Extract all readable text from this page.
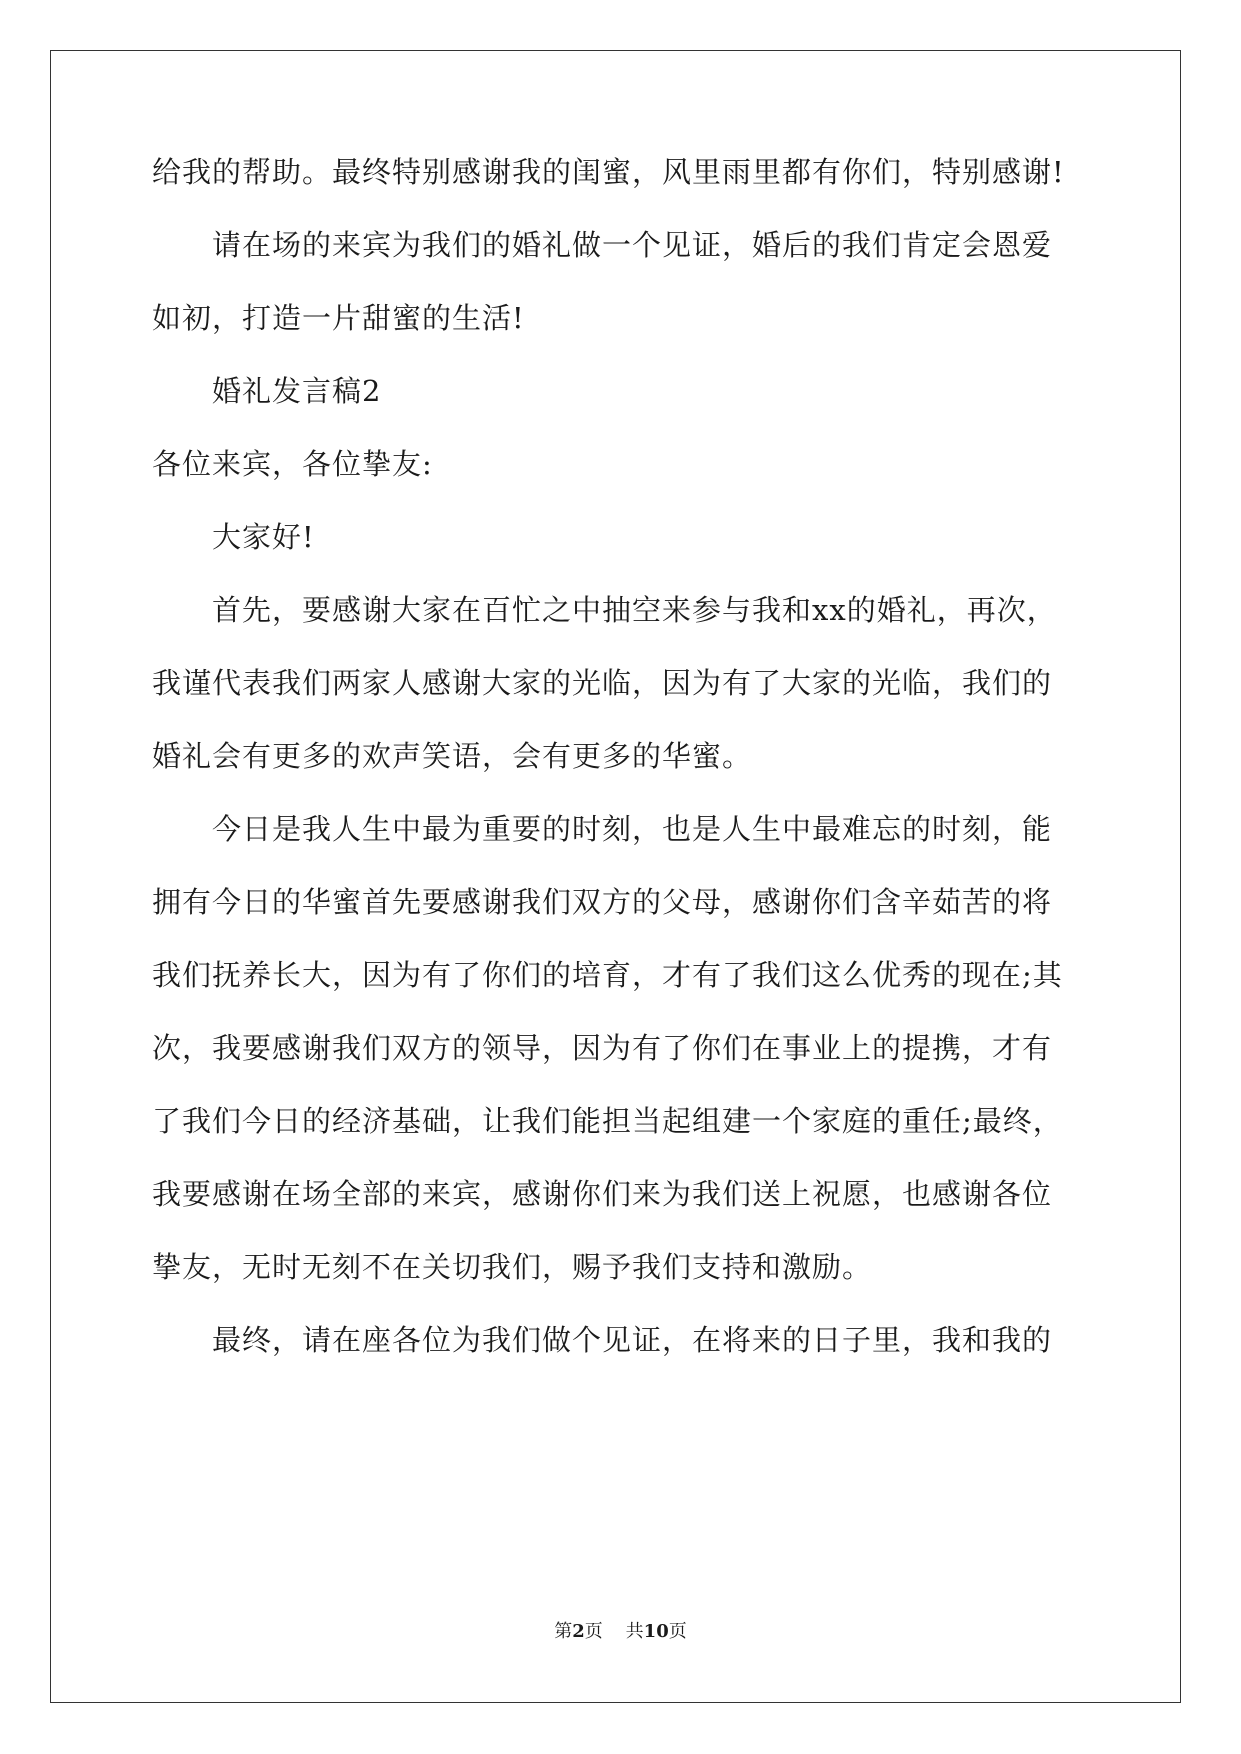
给我的帮助。最终特别感谢我的闺蜜，风里雨里都有你们，特别感谢!
请在场的来宾为我们的婚礼做一个见证，婚后的我们肯定会恩爱
如初，打造一片甜蜜的生活!
婚礼发言稿2
各位来宾，各位挚友:
大家好!
首先，要感谢大家在百忙之中抽空来参与我和xx的婚礼，再次，
我谨代表我们两家人感谢大家的光临，因为有了大家的光临，我们的
婚礼会有更多的欢声笑语，会有更多的华蜜。
今日是我人生中最为重要的时刻，也是人生中最难忘的时刻，能
拥有今日的华蜜首先要感谢我们双方的父母，感谢你们含辛茹苦的将
我们抚养长大，因为有了你们的培育，才有了我们这么优秀的现在;其
次，我要感谢我们双方的领导，因为有了你们在事业上的提携，才有
了我们今日的经济基础，让我们能担当起组建一个家庭的重任;最终，
我要感谢在场全部的来宾，感谢你们来为我们送上祝愿，也感谢各位
挚友，无时无刻不在关切我们，赐予我们支持和激励。
最终，请在座各位为我们做个见证，在将来的日子里，我和我的
第2页 共10页
